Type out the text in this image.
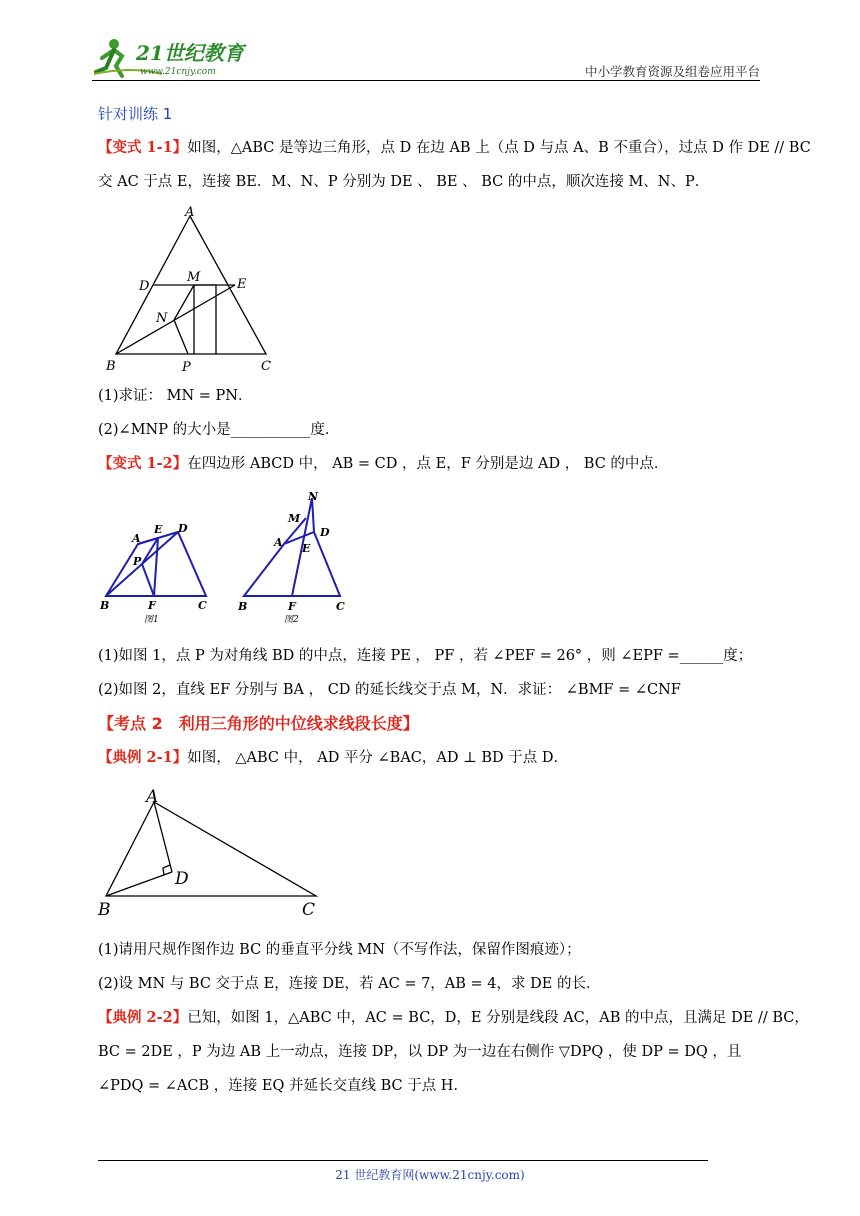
21世纪教育
www.21cnjy.com	中小学教育资源及组卷应用平台
针对训练 1
【变式 1-1】如图，△ABC 是等边三角形，点 D 在边 AB 上（点 D 与点 A、B 不重合），过点 D 作 DE // BC
交 AC 于点 E，连接 BE．M、N、P 分别为 DE 、 BE 、 BC 的中点，顺次连接 M、N、P．
A
B	C
D	E
M
N
P
(1)求证： MN = PN．
(2)∠MNP 的大小是___________度．
【变式 1-2】在四边形 ABCD 中， AB = CD ，点 E，F 分别是边 AD ， BC 的中点．
A
B	C
D
E
F
P
图1
N
M
A
D
E
B	F	C
图2
(1)如图 1，点 P 为对角线 BD 的中点，连接 PE ， PF ，若 ∠PEF = 26° ，则 ∠EPF =______度；
(2)如图 2，直线 EF 分别与 BA ， CD 的延长线交于点 M，N．求证： ∠BMF = ∠CNF
【考点 2　利用三角形的中位线求线段长度】
【典例 2-1】如图， △ABC 中， AD 平分 ∠BAC，AD ⊥ BD 于点 D．
A
B	C
D
(1)请用尺规作图作边 BC 的垂直平分线 MN（不写作法，保留作图痕迹）；
(2)设 MN 与 BC 交于点 E，连接 DE，若 AC = 7，AB = 4，求 DE 的长．
【典例 2-2】已知，如图 1，△ABC 中，AC = BC，D，E 分别是线段 AC，AB 的中点，且满足 DE // BC，
BC = 2DE ，P 为边 AB 上一动点，连接 DP，以 DP 为一边在右侧作 ▽DPQ ，使 DP = DQ ，且
∠PDQ = ∠ACB ，连接 EQ 并延长交直线 BC 于点 H．
21 世纪教育网(www.21cnjy.com)
